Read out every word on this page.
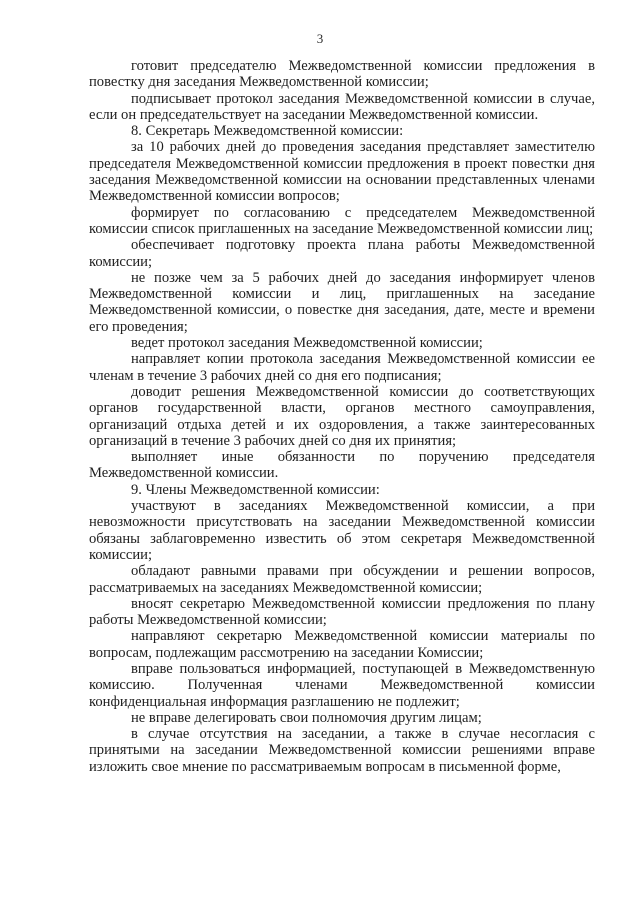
3

готовит председателю Межведомственной комиссии предложения в повестку дня заседания Межведомственной комиссии;

подписывает протокол заседания Межведомственной комиссии в случае, если он председательствует на заседании Межведомственной комиссии.

8. Секретарь Межведомственной комиссии:

за 10 рабочих дней до проведения заседания представляет заместителю председателя Межведомственной комиссии предложения в проект повестки дня заседания Межведомственной комиссии на основании представленных членами Межведомственной комиссии вопросов;

формирует по согласованию с председателем Межведомственной комиссии список приглашенных на заседание Межведомственной комиссии лиц;

обеспечивает подготовку проекта плана работы Межведомственной комиссии;

не позже чем за 5 рабочих дней до заседания информирует членов Межведомственной комиссии и лиц, приглашенных на заседание Межведомственной комиссии, о повестке дня заседания, дате, месте и времени его проведения;

ведет протокол заседания Межведомственной комиссии;

направляет копии протокола заседания Межведомственной комиссии ее членам в течение 3 рабочих дней со дня его подписания;

доводит решения Межведомственной комиссии до соответствующих органов государственной власти, органов местного самоуправления, организаций отдыха детей и их оздоровления, а также заинтересованных организаций в течение 3 рабочих дней со дня их принятия;

выполняет иные обязанности по поручению председателя Межведомственной комиссии.

9. Члены Межведомственной комиссии:

участвуют в заседаниях Межведомственной комиссии, а при невозможности присутствовать на заседании Межведомственной комиссии обязаны заблаговременно известить об этом секретаря Межведомственной комиссии;

обладают равными правами при обсуждении и решении вопросов, рассматриваемых на заседаниях Межведомственной комиссии;

вносят секретарю Межведомственной комиссии предложения по плану работы Межведомственной комиссии;

направляют секретарю Межведомственной комиссии материалы по вопросам, подлежащим рассмотрению на заседании Комиссии;

вправе пользоваться информацией, поступающей в Межведомственную комиссию. Полученная членами Межведомственной комиссии конфиденциальная информация разглашению не подлежит;

не вправе делегировать свои полномочия другим лицам;

в случае отсутствия на заседании, а также в случае несогласия с принятыми на заседании Межведомственной комиссии решениями вправе изложить свое мнение по рассматриваемым вопросам в письменной форме,
